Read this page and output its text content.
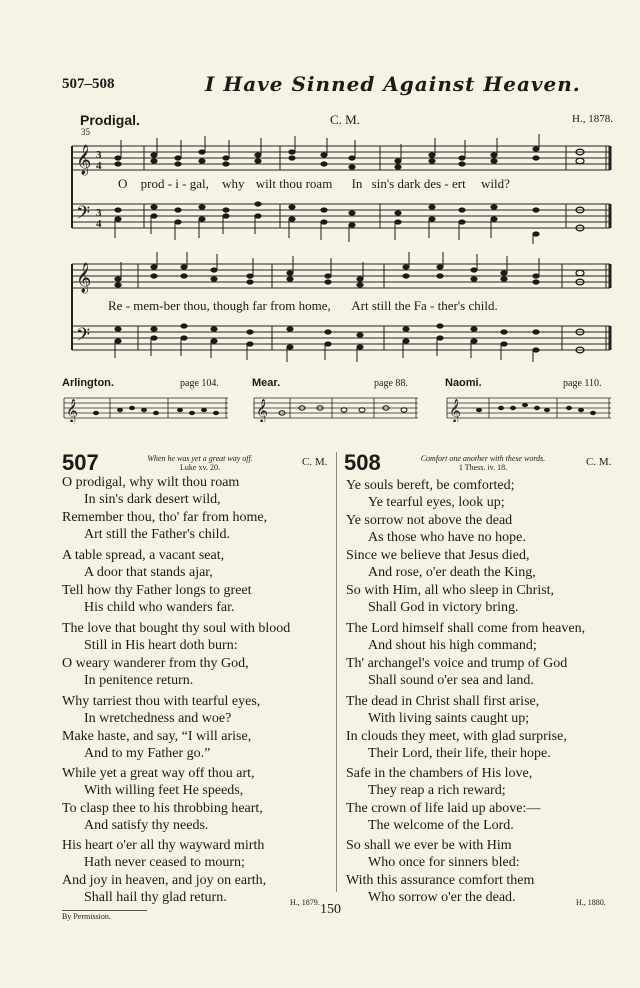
507–508	I Have Sinned Against Heaven.
Prodigal.	C. M.	H., 1878.
35
𝄞
𝄢
3
4
3
4
O prod - i - gal, why wilt thou roam In sin's dark des - ert wild?
𝄞
𝄢
Re - mem-ber thou, though far from home, Art still the Fa - ther's child.
Arlington.	page 104.	Mear.	page 88.	Naomi.	page 110.
𝄞	𝄞	𝄞
507	When he was yet a great way off.
Luke xv. 20.	C. M.
O prodigal, why wilt thou roam
In sin's dark desert wild,
Remember thou, tho' far from home,
Art still the Father's child.
A table spread, a vacant seat,
A door that stands ajar,
Tell how thy Father longs to greet
His child who wanders far.
The love that bought thy soul with blood
Still in His heart doth burn:
O weary wanderer from thy God,
In penitence return.
Why tarriest thou with tearful eyes,
In wretchedness and woe?
Make haste, and say, “I will arise,
And to my Father go.”
While yet a great way off thou art,
With willing feet He speeds,
To clasp thee to his throbbing heart,
And satisfy thy needs.
His heart o'er all thy wayward mirth
Hath never ceased to mourn;
And joy in heaven, and joy on earth,
Shall hail thy glad return.	H., 1879.
508	Comfort one another with these words.
1 Thess. iv. 18.	C. M.
Ye souls bereft, be comforted;
Ye tearful eyes, look up;
Ye sorrow not above the dead
As those who have no hope.
Since we believe that Jesus died,
And rose, o'er death the King,
So with Him, all who sleep in Christ,
Shall God in victory bring.
The Lord himself shall come from heaven,
And shout his high command;
Th' archangel's voice and trump of God
Shall sound o'er sea and land.
The dead in Christ shall first arise,
With living saints caught up;
In clouds they meet, with glad surprise,
Their Lord, their life, their hope.
Safe in the chambers of His love,
They reap a rich reward;
The crown of life laid up above:—
The welcome of the Lord.
So shall we ever be with Him
Who once for sinners bled:
With this assurance comfort them
Who sorrow o'er the dead.	H., 1880.
By Permission.	150
